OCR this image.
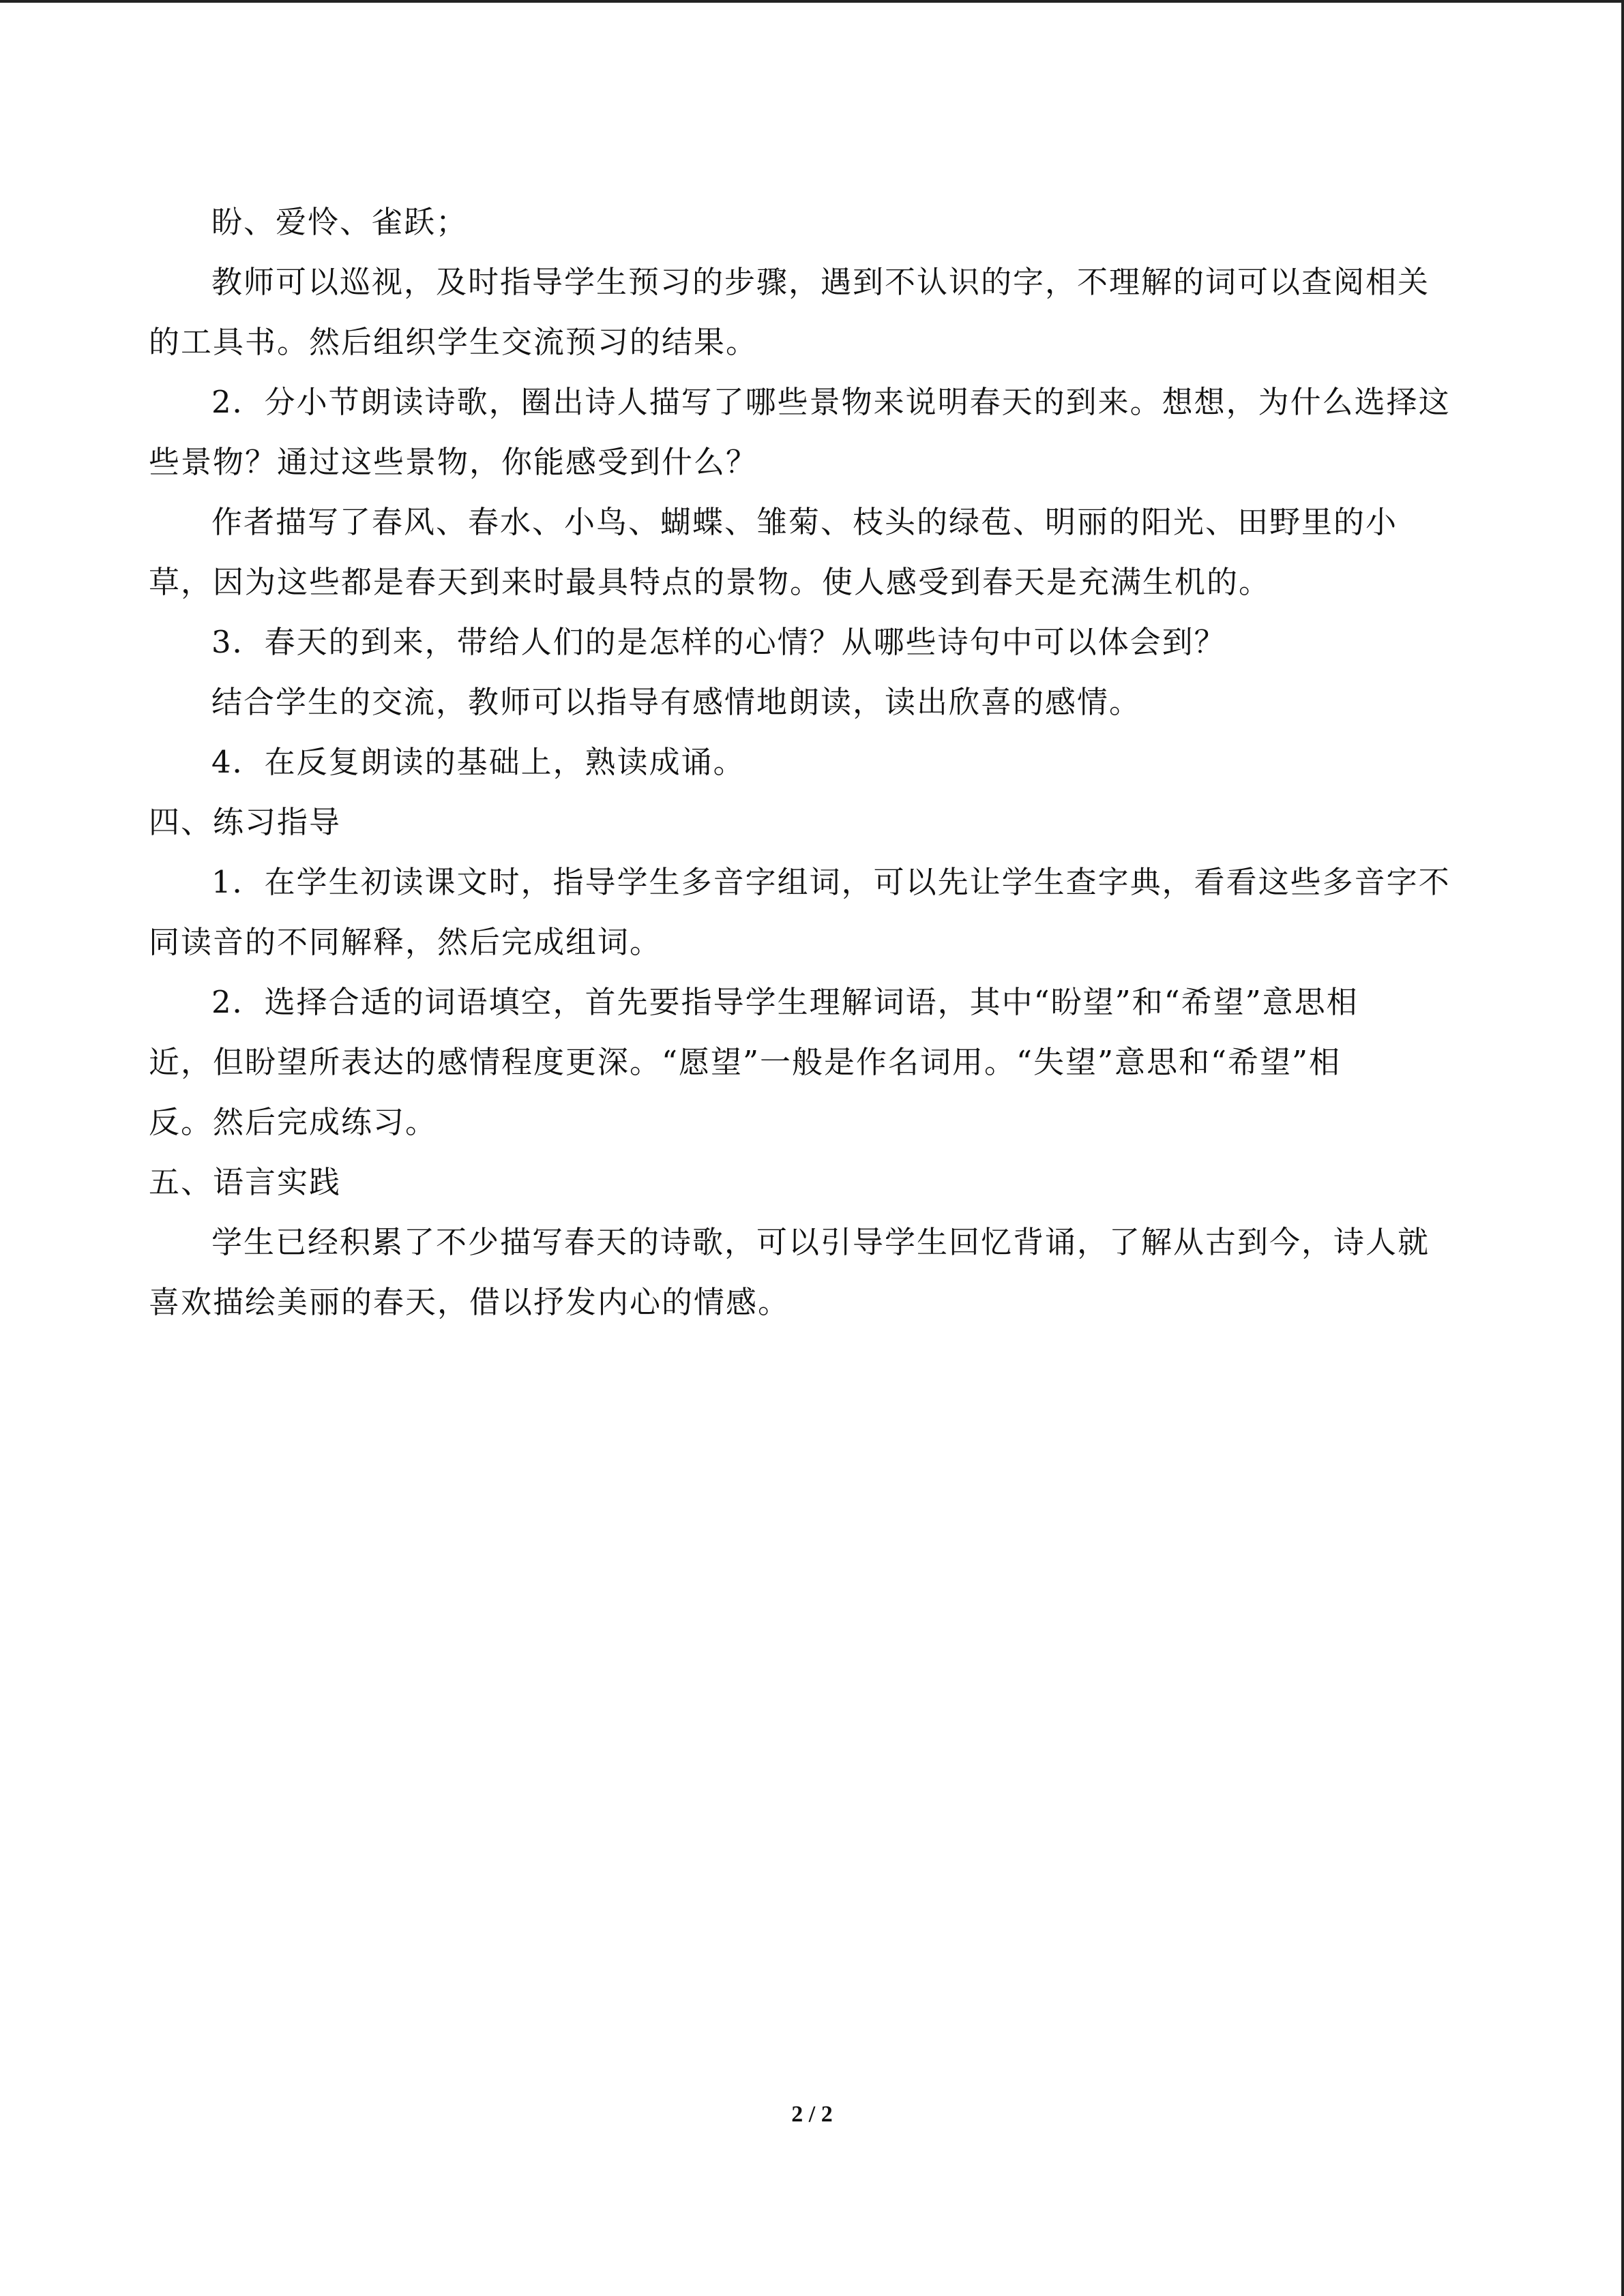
盼、爱怜、雀跃；
教师可以巡视，及时指导学生预习的步骤，遇到不认识的字，不理解的词可以查阅相关
的工具书。然后组织学生交流预习的结果。
2．分小节朗读诗歌，圈出诗人描写了哪些景物来说明春天的到来。想想，为什么选择这
些景物？通过这些景物，你能感受到什么？
作者描写了春风、春水、小鸟、蝴蝶、雏菊、枝头的绿苞、明丽的阳光、田野里的小
草，因为这些都是春天到来时最具特点的景物。使人感受到春天是充满生机的。
3．春天的到来，带给人们的是怎样的心情？从哪些诗句中可以体会到？
结合学生的交流，教师可以指导有感情地朗读，读出欣喜的感情。
4．在反复朗读的基础上，熟读成诵。
四、练习指导
1．在学生初读课文时，指导学生多音字组词，可以先让学生查字典，看看这些多音字不
同读音的不同解释，然后完成组词。
2．选择合适的词语填空，首先要指导学生理解词语，其中“盼望”和“希望”意思相
近，但盼望所表达的感情程度更深。“愿望”一般是作名词用。“失望”意思和“希望”相
反。然后完成练习。
五、语言实践
学生已经积累了不少描写春天的诗歌，可以引导学生回忆背诵，了解从古到今，诗人就
喜欢描绘美丽的春天，借以抒发内心的情感。
2 / 2
